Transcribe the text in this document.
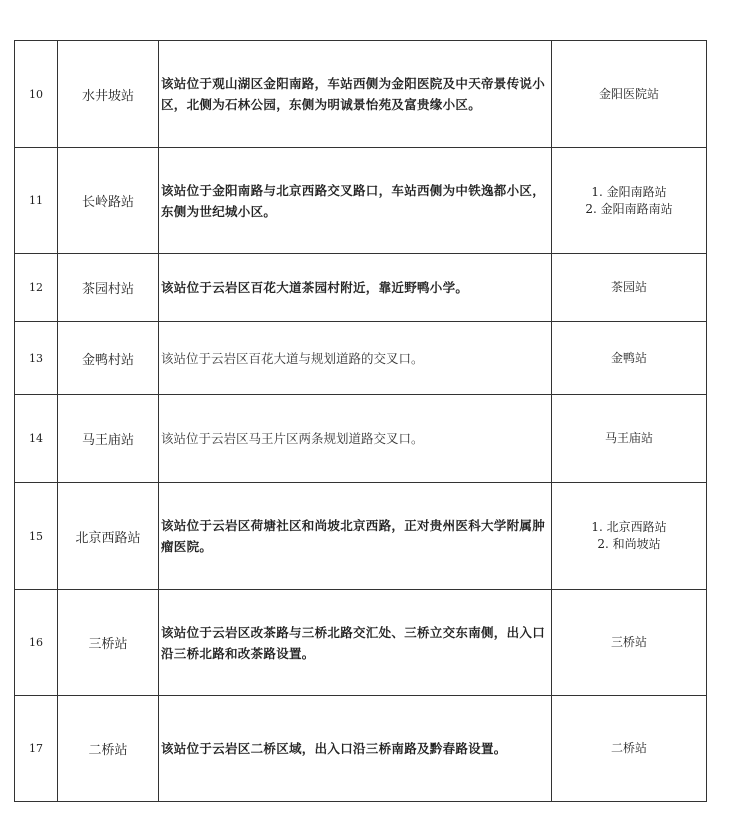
10	水井坡站	该站位于观山湖区金阳南路，车站西侧为金阳医院及中天帝景传说小区，北侧为石林公园，东侧为明诚景怡苑及富贵缘小区。	金阳医院站

11	长岭路站	该站位于金阳南路与北京西路交叉路口，车站西侧为中铁逸都小区，东侧为世纪城小区。	1. 金阳南路站
2. 金阳南路南站

12	茶园村站	该站位于云岩区百花大道茶园村附近，靠近野鸭小学。	茶园站

13	金鸭村站	该站位于云岩区百花大道与规划道路的交叉口。	金鸭站

14	马王庙站	该站位于云岩区马王片区两条规划道路交叉口。	马王庙站

15	北京西路站	该站位于云岩区荷塘社区和尚坡北京西路，正对贵州医科大学附属肿瘤医院。	1. 北京西路站
2. 和尚坡站

16	三桥站	该站位于云岩区改茶路与三桥北路交汇处、三桥立交东南侧，出入口沿三桥北路和改茶路设置。	三桥站

17	二桥站	该站位于云岩区二桥区域，出入口沿三桥南路及黔春路设置。	二桥站
